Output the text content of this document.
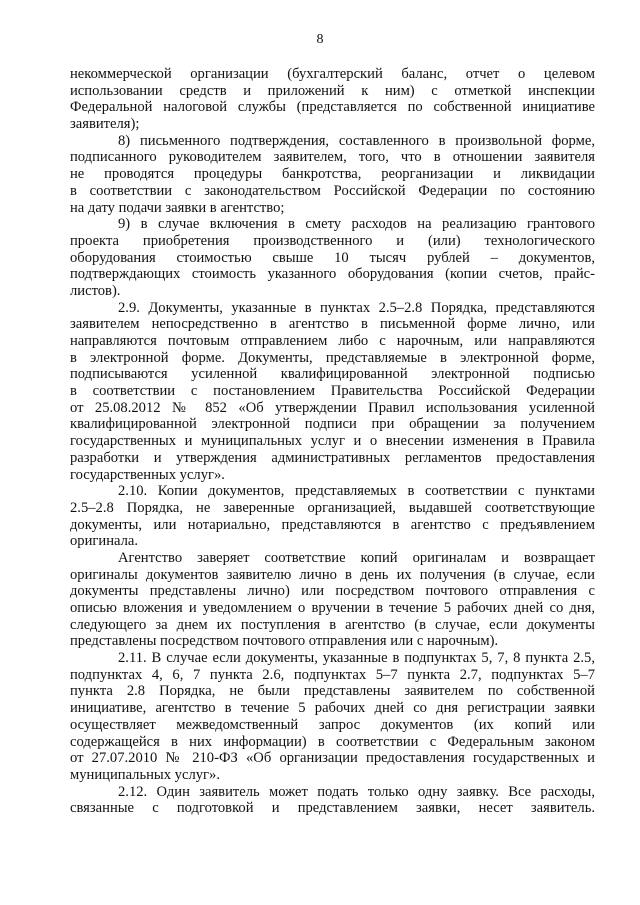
8
некоммерческой организации (бухгалтерский баланс, отчет о целевом
использовании средств и приложений к ним) с отметкой инспекции
Федеральной налоговой службы (представляется по собственной инициативе
заявителя);
8) письменного подтверждения, составленного в произвольной форме,
подписанного руководителем заявителем, того, что в отношении заявителя
не проводятся процедуры банкротства, реорганизации и ликвидации
в соответствии с законодательством Российской Федерации по состоянию
на дату подачи заявки в агентство;
9) в случае включения в смету расходов на реализацию грантового
проекта приобретения производственного и (или) технологического
оборудования стоимостью свыше 10 тысяч рублей – документов,
подтверждающих стоимость указанного оборудования (копии счетов, прайс-
листов).
2.9. Документы, указанные в пунктах 2.5–2.8 Порядка, представляются
заявителем непосредственно в агентство в письменной форме лично, или
направляются почтовым отправлением либо с нарочным, или направляются
в электронной форме. Документы, представляемые в электронной форме,
подписываются усиленной квалифицированной электронной подписью
в соответствии с постановлением Правительства Российской Федерации
от 25.08.2012 № 852 «Об утверждении Правил использования усиленной
квалифицированной электронной подписи при обращении за получением
государственных и муниципальных услуг и о внесении изменения в Правила
разработки и утверждения административных регламентов предоставления
государственных услуг».
2.10. Копии документов, представляемых в соответствии с пунктами
2.5–2.8 Порядка, не заверенные организацией, выдавшей соответствующие
документы, или нотариально, представляются в агентство с предъявлением
оригинала.
Агентство заверяет соответствие копий оригиналам и возвращает
оригиналы документов заявителю лично в день их получения (в случае, если
документы представлены лично) или посредством почтового отправления с
описью вложения и уведомлением о вручении в течение 5 рабочих дней со дня,
следующего за днем их поступления в агентство (в случае, если документы
представлены посредством почтового отправления или с нарочным).
2.11. В случае если документы, указанные в подпунктах 5, 7, 8 пункта 2.5,
подпунктах 4, 6, 7 пункта 2.6, подпунктах 5–7 пункта 2.7, подпунктах 5–7
пункта 2.8 Порядка, не были представлены заявителем по собственной
инициативе, агентство в течение 5 рабочих дней со дня регистрации заявки
осуществляет межведомственный запрос документов (их копий или
содержащейся в них информации) в соответствии с Федеральным законом
от 27.07.2010 № 210-ФЗ «Об организации предоставления государственных и
муниципальных услуг».
2.12. Один заявитель может подать только одну заявку. Все расходы,
связанные с подготовкой и представлением заявки, несет заявитель.
